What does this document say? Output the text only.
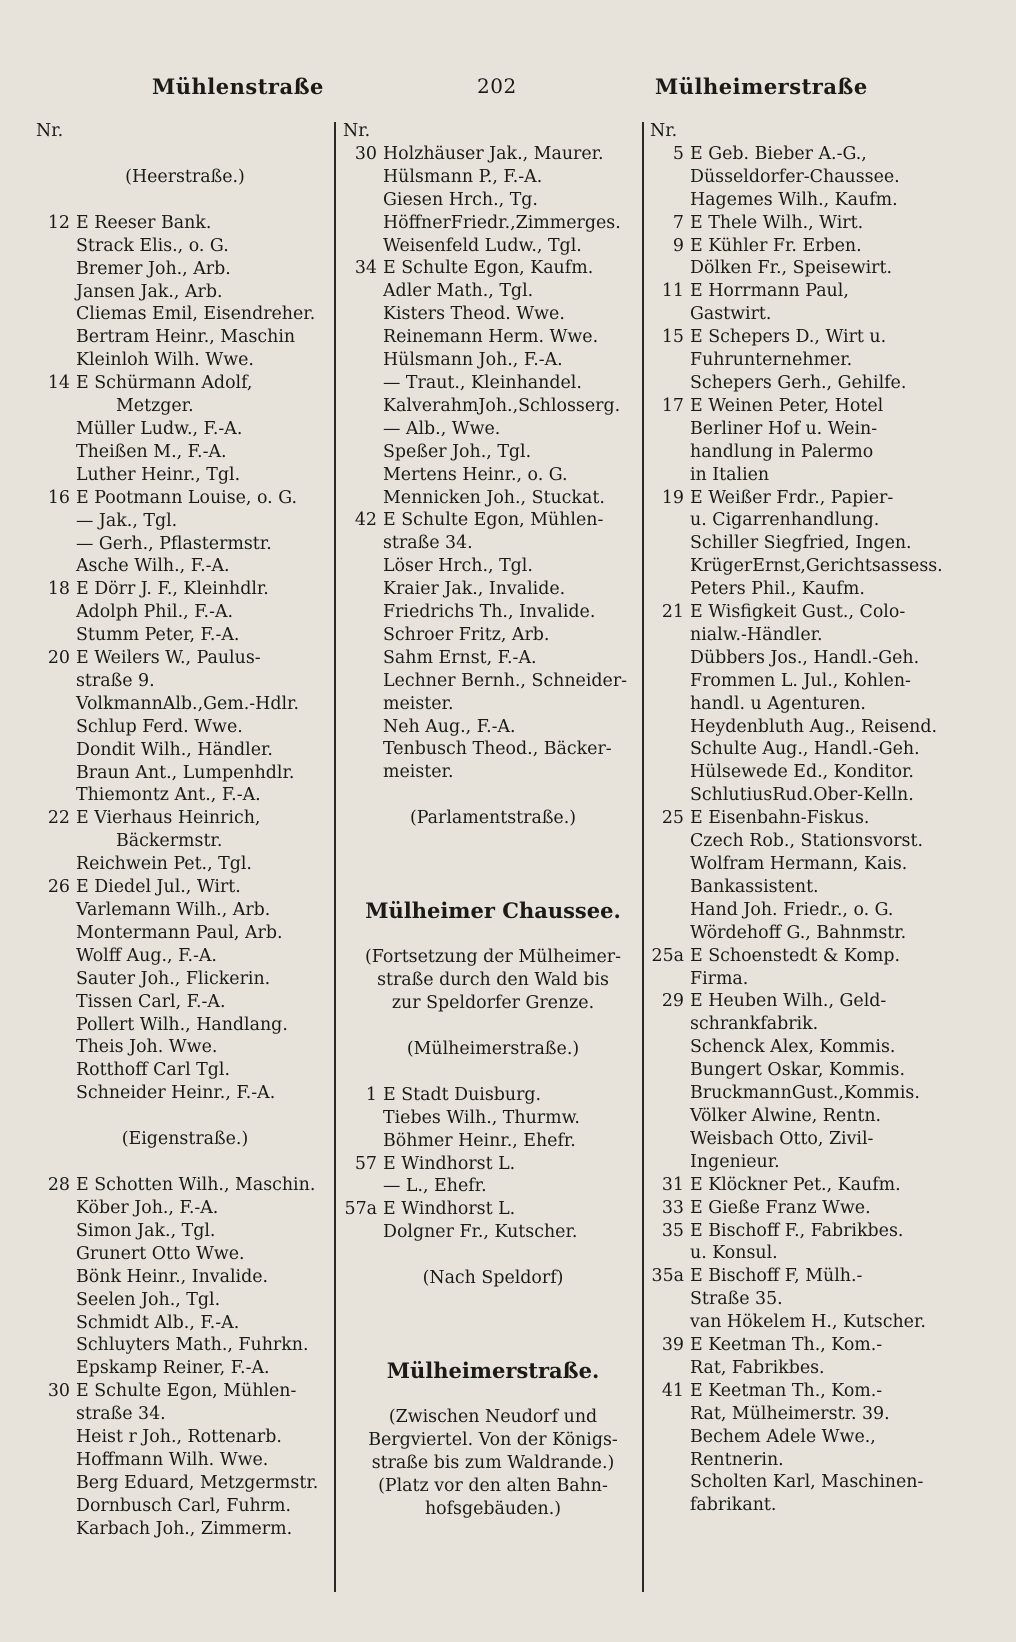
Mühlenstraße	202	Mülheimerstraße
Nr.
(Heerstraße.)
12 E Reeser Bank.
Strack Elis., o. G.
Bremer Joh., Arb.
Jansen Jak., Arb.
Cliemas Emil, Eisendreher.
Bertram Heinr., Maschin
Kleinloh Wilh. Wwe.
14 E Schürmann Adolf,
Metzger.
Müller Ludw., F.-A.
Theißen M., F.-A.
Luther Heinr., Tgl.
16 E Pootmann Louise, o. G.
— Jak., Tgl.
— Gerh., Pflastermstr.
Asche Wilh., F.-A.
18 E Dörr J. F., Kleinhdlr.
Adolph Phil., F.-A.
Stumm Peter, F.-A.
20 E Weilers W., Paulus-
straße 9.
VolkmannAlb.,Gem.-Hdlr.
Schlup Ferd. Wwe.
Dondit Wilh., Händler.
Braun Ant., Lumpenhdlr.
Thiemontz Ant., F.-A.
22 E Vierhaus Heinrich,
Bäckermstr.
Reichwein Pet., Tgl.
26 E Diedel Jul., Wirt.
Varlemann Wilh., Arb.
Montermann Paul, Arb.
Wolff Aug., F.-A.
Sauter Joh., Flickerin.
Tissen Carl, F.-A.
Pollert Wilh., Handlang.
Theis Joh. Wwe.
Rotthoff Carl Tgl.
Schneider Heinr., F.-A.
(Eigenstraße.)
28 E Schotten Wilh., Maschin.
Köber Joh., F.-A.
Simon Jak., Tgl.
Grunert Otto Wwe.
Bönk Heinr., Invalide.
Seelen Joh., Tgl.
Schmidt Alb., F.-A.
Schluyters Math., Fuhrkn.
Epskamp Reiner, F.-A.
30 E Schulte Egon, Mühlen-
straße 34.
Heist r Joh., Rottenarb.
Hoffmann Wilh. Wwe.
Berg Eduard, Metzgermstr.
Dornbusch Carl, Fuhrm.
Karbach Joh., Zimmerm.
Nr.
30 Holzhäuser Jak., Maurer.
Hülsmann P., F.-A.
Giesen Hrch., Tg.
HöffnerFriedr.,Zimmerges.
Weisenfeld Ludw., Tgl.
34 E Schulte Egon, Kaufm.
Adler Math., Tgl.
Kisters Theod. Wwe.
Reinemann Herm. Wwe.
Hülsmann Joh., F.-A.
— Traut., Kleinhandel.
KalverahmJoh.,Schlosserg.
— Alb., Wwe.
Speßer Joh., Tgl.
Mertens Heinr., o. G.
Mennicken Joh., Stuckat.
42 E Schulte Egon, Mühlen-
straße 34.
Löser Hrch., Tgl.
Kraier Jak., Invalide.
Friedrichs Th., Invalide.
Schroer Fritz, Arb.
Sahm Ernst, F.-A.
Lechner Bernh., Schneider-
meister.
Neh Aug., F.-A.
Tenbusch Theod., Bäcker-
meister.
(Parlamentstraße.)
Mülheimer Chaussee.
(Fortsetzung der Mülheimer-
straße durch den Wald bis
zur Speldorfer Grenze.
(Mülheimerstraße.)
1 E Stadt Duisburg.
Tiebes Wilh., Thurmw.
Böhmer Heinr., Ehefr.
57 E Windhorst L.
— L., Ehefr.
57a E Windhorst L.
Dolgner Fr., Kutscher.
(Nach Speldorf)
Mülheimerstraße.
(Zwischen Neudorf und
Bergviertel. Von der Königs-
straße bis zum Waldrande.)
(Platz vor den alten Bahn-
hofsgebäuden.)
Nr.
5 E Geb. Bieber A.-G.,
Düsseldorfer-Chaussee.
Hagemes Wilh., Kaufm.
7 E Thele Wilh., Wirt.
9 E Kühler Fr. Erben.
Dölken Fr., Speisewirt.
11 E Horrmann Paul,
Gastwirt.
15 E Schepers D., Wirt u.
Fuhrunternehmer.
Schepers Gerh., Gehilfe.
17 E Weinen Peter, Hotel
Berliner Hof u. Wein-
handlung in Palermo
in Italien
19 E Weißer Frdr., Papier-
u. Cigarrenhandlung.
Schiller Siegfried, Ingen.
KrügerErnst,Gerichtsassess.
Peters Phil., Kaufm.
21 E Wisfigkeit Gust., Colo-
nialw.-Händler.
Dübbers Jos., Handl.-Geh.
Frommen L. Jul., Kohlen-
handl. u Agenturen.
Heydenbluth Aug., Reisend.
Schulte Aug., Handl.-Geh.
Hülsewede Ed., Konditor.
SchlutiusRud.Ober-Kelln.
25 E Eisenbahn-Fiskus.
Czech Rob., Stationsvorst.
Wolfram Hermann, Kais.
Bankassistent.
Hand Joh. Friedr., o. G.
Wördehoff G., Bahnmstr.
25a E Schoenstedt & Komp.
Firma.
29 E Heuben Wilh., Geld-
schrankfabrik.
Schenck Alex, Kommis.
Bungert Oskar, Kommis.
BruckmannGust.,Kommis.
Völker Alwine, Rentn.
Weisbach Otto, Zivil-
Ingenieur.
31 E Klöckner Pet., Kaufm.
33 E Gieße Franz Wwe.
35 E Bischoff F., Fabrikbes.
u. Konsul.
35a E Bischoff F, Mülh.-
Straße 35.
van Hökelem H., Kutscher.
39 E Keetman Th., Kom.-
Rat, Fabrikbes.
41 E Keetman Th., Kom.-
Rat, Mülheimerstr. 39.
Bechem Adele Wwe.,
Rentnerin.
Scholten Karl, Maschinen-
fabrikant.
